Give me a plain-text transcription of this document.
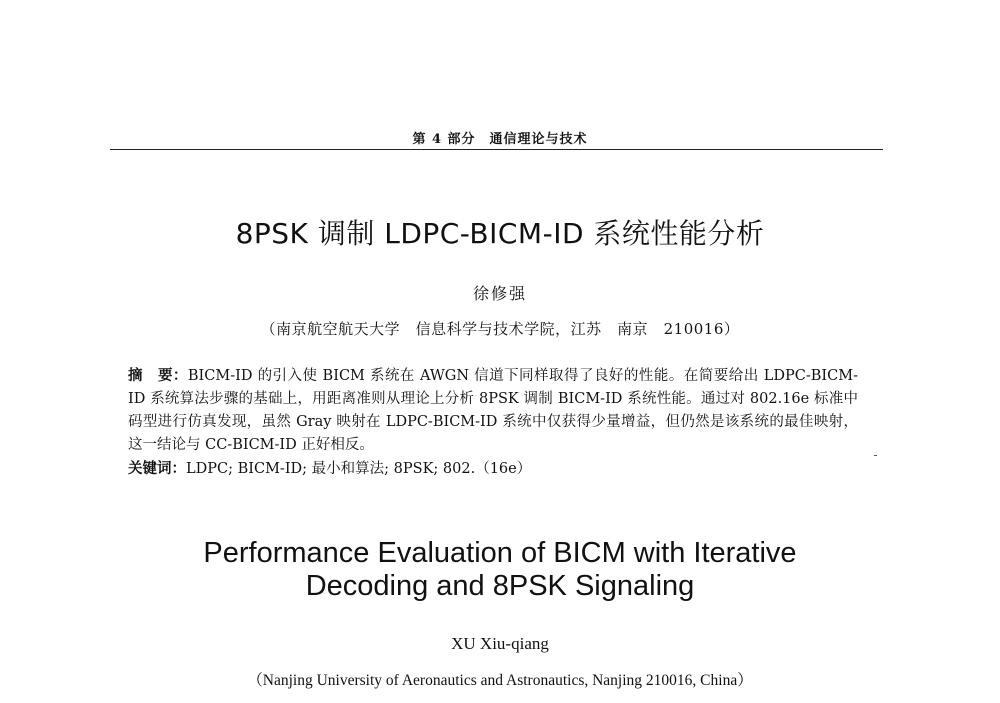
第 4 部分　通信理论与技术
8PSK 调制 LDPC-BICM-ID 系统性能分析
徐修强
（南京航空航天大学　信息科学与技术学院，江苏　南京　210016）
摘　要：BICM-ID 的引入使 BICM 系统在 AWGN 信道下同样取得了良好的性能。在简要给出 LDPC-BICM-ID 系统算法步骤的基础上，用距离准则从理论上分析 8PSK 调制 BICM-ID 系统性能。通过对 802.16e 标准中码型进行仿真发现，虽然 Gray 映射在 LDPC-BICM-ID 系统中仅获得少量增益，但仍然是该系统的最佳映射，这一结论与 CC-BICM-ID 正好相反。
关键词：LDPC; BICM-ID; 最小和算法; 8PSK; 802.（16e）
Performance Evaluation of BICM with Iterative
Decoding and 8PSK Signaling
XU Xiu-qiang
（Nanjing University of Aeronautics and Astronautics, Nanjing 210016, China）
